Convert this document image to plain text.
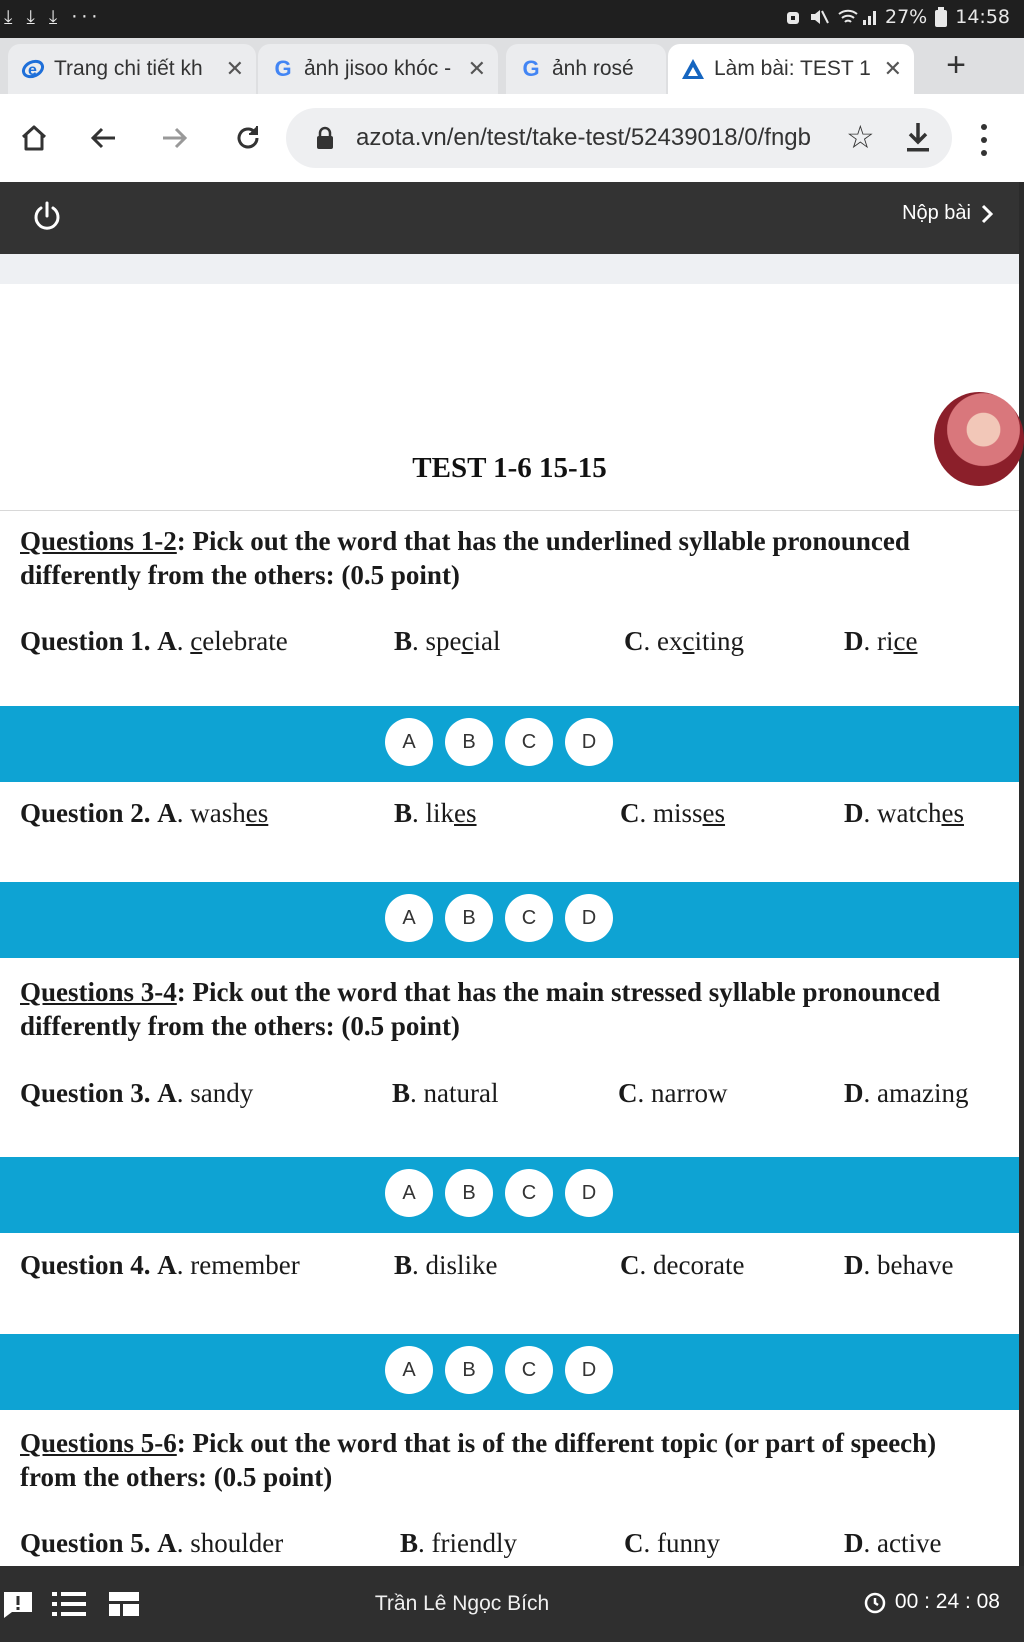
⤓ ⤓ ⤓ ···	27% 14:58
e Trang chi tiết kh	✕ G ảnh jisoo khóc - ✕ G ảnh rosé	Làm bài: TEST 1 ✕ +
azota.vn/en/test/take-test/52439018/0/fngb ☆
Nộp bài
TEST 1-6 15-15
Questions 1-2: Pick out the word that has the underlined syllable pronounced differently from the others: (0.5 point)
Question 1. A. celebrate	B. special	C. exciting	D. rice
A	B	C	D
Question 2. A. washes	B. likes	C. misses	D. watches
A	B	C	D
Questions 3-4: Pick out the word that has the main stressed syllable pronounced differently from the others: (0.5 point)
Question 3. A. sandy	B. natural	C. narrow	D. amazing
A	B	C	D
Question 4. A. remember	B. dislike	C. decorate	D. behave
A	B	C	D
Questions 5-6: Pick out the word that is of the different topic (or part of speech) from the others: (0.5 point)
Question 5. A. shoulder	B. friendly	C. funny	D. active
Trần Lê Ngọc Bích	00 : 24 : 08
